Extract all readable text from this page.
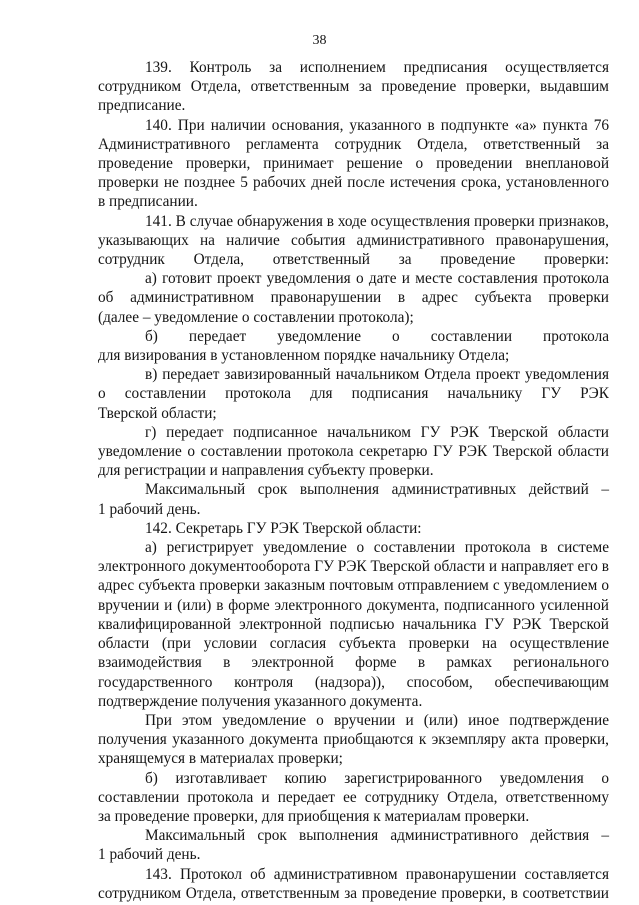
38

139. Контроль за исполнением предписания осуществляется сотрудником Отдела, ответственным за проведение проверки, выдавшим
предписание.

140. При наличии основания, указанного в подпункте «а» пункта 76 Административного регламента сотрудник Отдела, ответственный за проведение проверки, принимает решение о проведении внеплановой проверки не позднее 5 рабочих дней после истечения срока, установленного
в предписании.

141. В случае обнаружения в ходе осуществления проверки признаков, указывающих на наличие события административного правонарушения, сотрудник Отдела, ответственный за проведение проверки:

а) готовит проект уведомления о дате и месте составления протокола об административном правонарушении в адрес субъекта проверки
(далее – уведомление о составлении протокола);

б) передает уведомление о составлении протокола
для визирования в установленном порядке начальнику Отдела;

в) передает завизированный начальником Отдела проект уведомления о составлении протокола для подписания начальнику ГУ РЭК
Тверской области;

г) передает подписанное начальником ГУ РЭК Тверской области уведомление о составлении протокола секретарю ГУ РЭК Тверской области
для регистрации и направления субъекту проверки.

Максимальный срок выполнения административных действий –
1 рабочий день.

142. Секретарь ГУ РЭК Тверской области:

а) регистрирует уведомление о составлении протокола в системе электронного документооборота ГУ РЭК Тверской области и направляет его в адрес субъекта проверки заказным почтовым отправлением с уведомлением о вручении и (или) в форме электронного документа, подписанного усиленной квалифицированной электронной подписью начальника ГУ РЭК Тверской области (при условии согласия субъекта проверки на осуществление взаимодействия в электронной форме в рамках регионального государственного контроля (надзора)), способом, обеспечивающим
подтверждение получения указанного документа.

При этом уведомление о вручении и (или) иное подтверждение получения указанного документа приобщаются к экземпляру акта проверки,
хранящемуся в материалах проверки;

б) изготавливает копию зарегистрированного уведомления о составлении протокола и передает ее сотруднику Отдела, ответственному
за проведение проверки, для приобщения к материалам проверки.

Максимальный срок выполнения административного действия –
1 рабочий день.

143. Протокол об административном правонарушении составляется сотрудником Отдела, ответственным за проведение проверки, в соответствии
